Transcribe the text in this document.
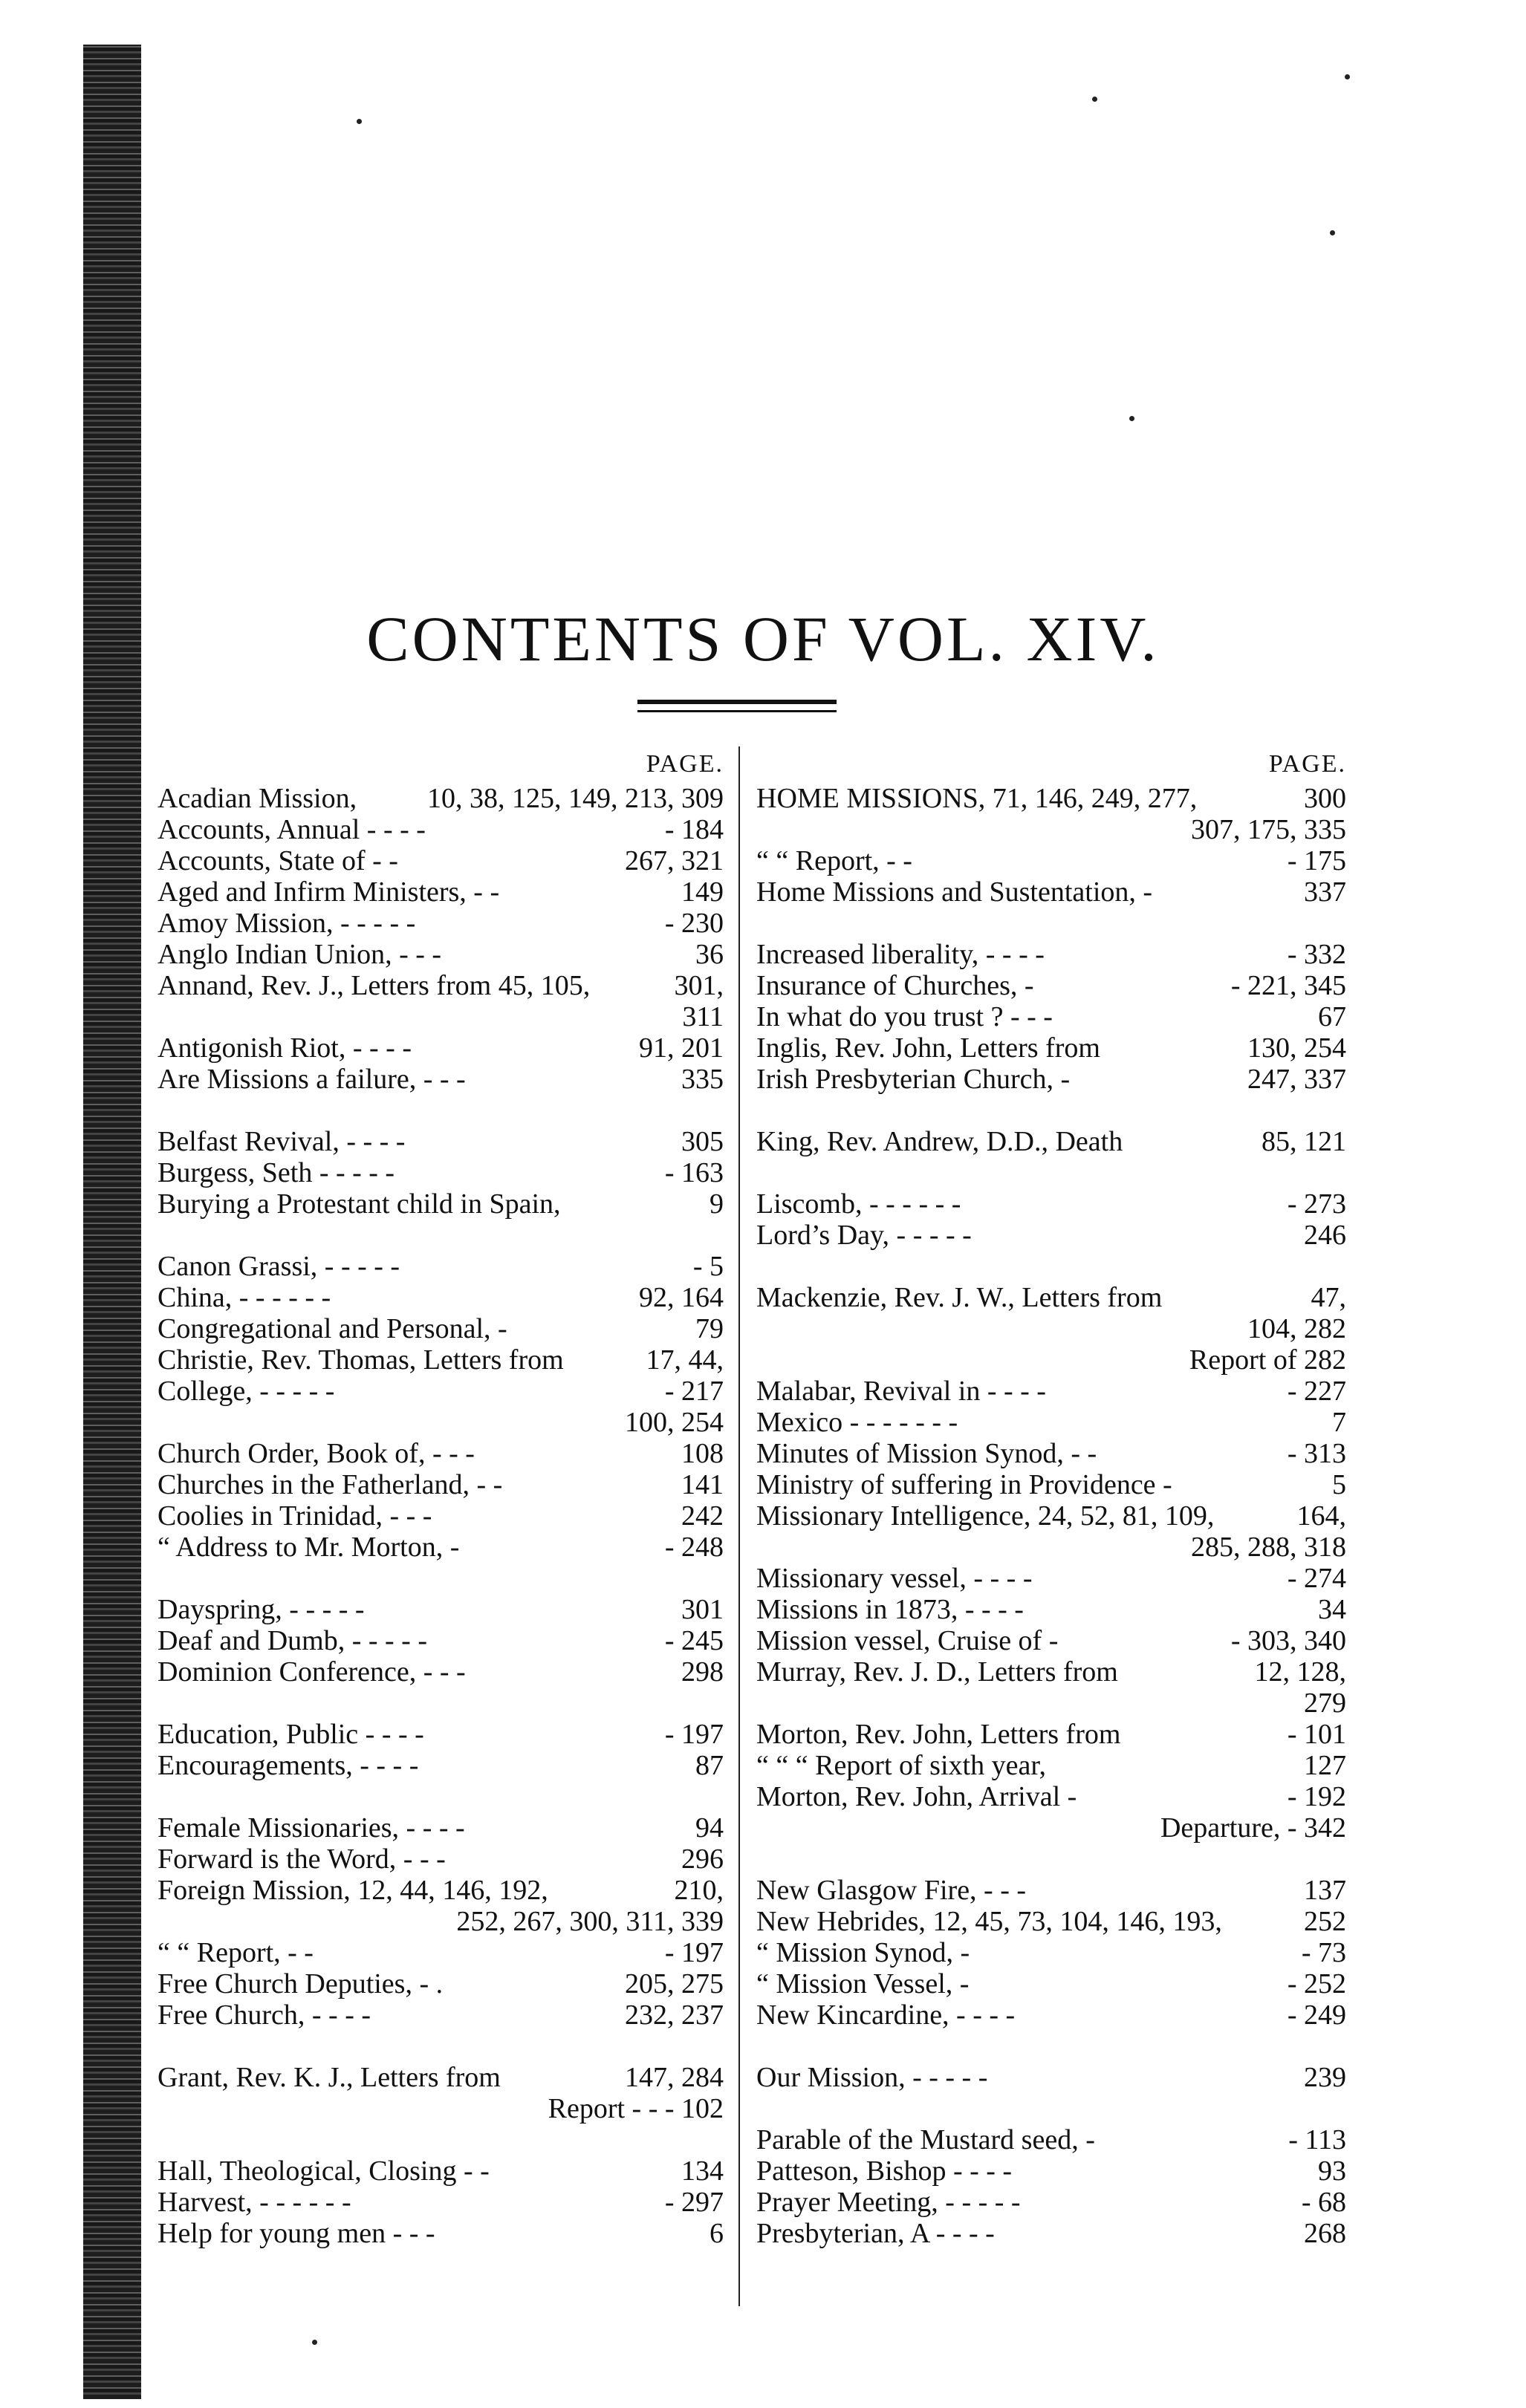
CONTENTS OF VOL. XIV.
PAGE.
Acadian Mission, 10, 38, 125, 149, 213, 309
Accounts, Annual - - - -	- 184
Accounts, State of - -	267, 321
Aged and Infirm Ministers, - -	149
Amoy Mission, - - - - -	- 230
Anglo Indian Union, - - -	36
Annand, Rev. J., Letters from 45, 105,	301,
311
Antigonish Riot, - - - -	91, 201
Are Missions a failure, - - -	335
Belfast Revival, - - - -	305
Burgess, Seth - - - - -	- 163
Burying a Protestant child in Spain,	9
Canon Grassi, - - - - -	- 5
China, - - - - - -	92, 164
Congregational and Personal, -	79
Christie, Rev. Thomas, Letters from	17, 44,
College, - - - - -	- 217
100, 254
Church Order, Book of, - - -	108
Churches in the Fatherland, - -	141
Coolies in Trinidad, - - -	242
“ Address to Mr. Morton, -	- 248
Dayspring, - - - - -	301
Deaf and Dumb, - - - - -	- 245
Dominion Conference, - - -	298
Education, Public - - - -	- 197
Encouragements, - - - -	87
Female Missionaries, - - - -	94
Forward is the Word, - - -	296
Foreign Mission, 12, 44, 146, 192,	210,
252, 267, 300, 311, 339
“ “ Report, - -	- 197
Free Church Deputies, - .	205, 275
Free Church, - - - -	232, 237
Grant, Rev. K. J., Letters from	147, 284
Report - - - 102
Hall, Theological, Closing - -	134
Harvest, - - - - - -	- 297
Help for young men - - -	6
PAGE.
HOME MISSIONS, 71, 146, 249, 277,	300
307, 175, 335
“ “ Report, - -	- 175
Home Missions and Sustentation, -	337
Increased liberality, - - - -	- 332
Insurance of Churches, -	- 221, 345
In what do you trust ? - - -	67
Inglis, Rev. John, Letters from	130, 254
Irish Presbyterian Church, -	247, 337
King, Rev. Andrew, D.D., Death	85, 121
Liscomb, - - - - - -	- 273
Lord’s Day, - - - - -	246
Mackenzie, Rev. J. W., Letters from	47,
104, 282
Report of 282
Malabar, Revival in - - - -	- 227
Mexico - - - - - - -	7
Minutes of Mission Synod, - -	- 313
Ministry of suffering in Providence -	5
Missionary Intelligence, 24, 52, 81, 109,	164,
285, 288, 318
Missionary vessel, - - - -	- 274
Missions in 1873, - - - -	34
Mission vessel, Cruise of -	- 303, 340
Murray, Rev. J. D., Letters from	12, 128,
279
Morton, Rev. John, Letters from	- 101
“ “ “ Report of sixth year,	127
Morton, Rev. John, Arrival -	- 192
Departure, - 342
New Glasgow Fire, - - -	137
New Hebrides, 12, 45, 73, 104, 146, 193,	252
“ Mission Synod, -	- 73
“ Mission Vessel, -	- 252
New Kincardine, - - - -	- 249
Our Mission, - - - - -	239
Parable of the Mustard seed, -	- 113
Patteson, Bishop - - - -	93
Prayer Meeting, - - - - -	- 68
Presbyterian, A - - - -	268
